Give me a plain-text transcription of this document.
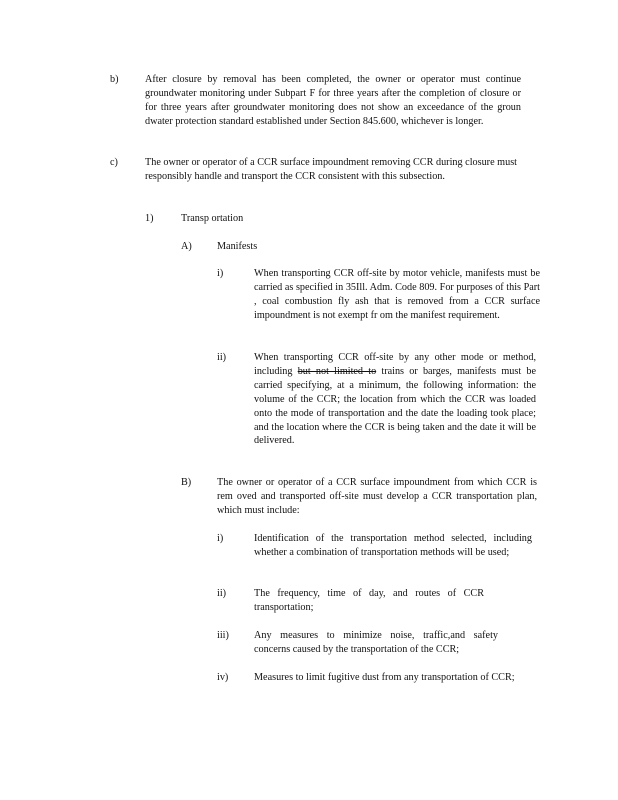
b)	After closure by removal has been completed, the owner or operator must continue groundwater monitoring under Subpart F for three years after the completion of closure or for three years after groundwater monitoring does not show an exceedance of the groun dwater protection standard established under Section 845.600, whichever is longer.
c)	The owner or operator of a CCR surface impoundment removing CCR during closure must responsibly handle and transport the CCR consistent with this subsection.
1)	Transp ortation
A) Manifests
i)	When transporting CCR off-site by motor vehicle, manifests must be carried as specified in 35Ill. Adm. Code 809. For purposes of this Part , coal combustion fly ash that is removed from a CCR surface impoundment is not exempt fr om the manifest requirement.
ii)	When transporting CCR off-site by any other mode or method, including but not limited to trains or barges, manifests must be carried specifying, at a minimum, the following information: the volume of the CCR; the location from which the CCR was loaded onto the mode of transportation and the date the loading took place; and the location where the CCR is being taken and the date it will be delivered.
B)	The owner or operator of a CCR surface impoundment from which CCR is rem oved and transported off-site must develop a CCR transportation plan, which must include:
i)	Identification of the transportation method selected, including whether a combination of transportation methods will be used;
ii)	The frequency, time of day, and routes of CCR transportation;
iii) Any measures to minimize noise, traffic,and safety concerns caused by the transportation of the CCR;
iv)	Measures to limit fugitive dust from any transportation of CCR;
